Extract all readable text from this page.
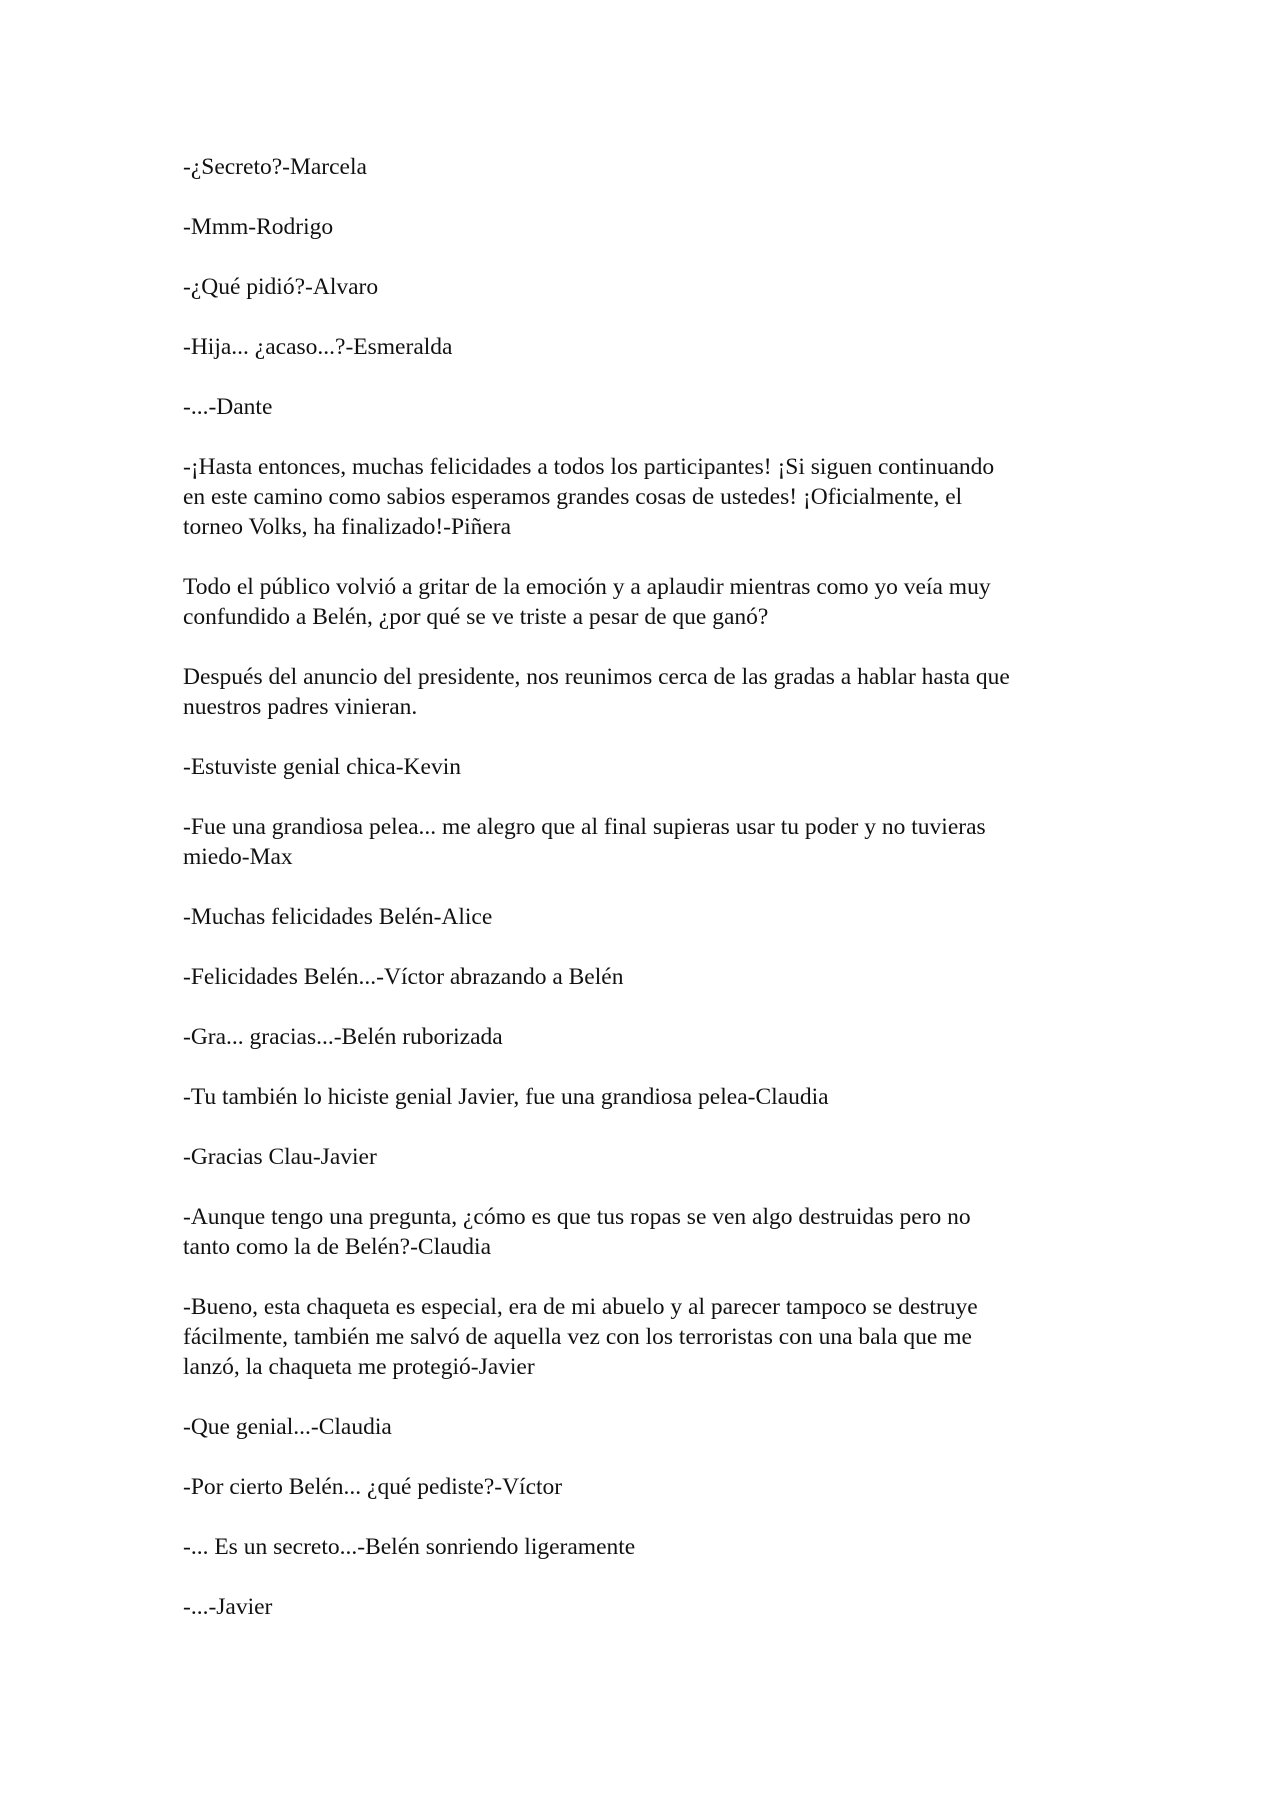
-¿Secreto?-Marcela

-Mmm-Rodrigo

-¿Qué pidió?-Alvaro

-Hija... ¿acaso...?-Esmeralda

-...-Dante

-¡Hasta entonces, muchas felicidades a todos los participantes! ¡Si siguen continuando
en este camino como sabios esperamos grandes cosas de ustedes! ¡Oficialmente, el
torneo Volks, ha finalizado!-Piñera

Todo el público volvió a gritar de la emoción y a aplaudir mientras como yo veía muy
confundido a Belén, ¿por qué se ve triste a pesar de que ganó?

Después del anuncio del presidente, nos reunimos cerca de las gradas a hablar hasta que
nuestros padres vinieran.

-Estuviste genial chica-Kevin

-Fue una grandiosa pelea... me alegro que al final supieras usar tu poder y no tuvieras
miedo-Max

-Muchas felicidades Belén-Alice

-Felicidades Belén...-Víctor abrazando a Belén

-Gra... gracias...-Belén ruborizada

-Tu también lo hiciste genial Javier, fue una grandiosa pelea-Claudia

-Gracias Clau-Javier

-Aunque tengo una pregunta, ¿cómo es que tus ropas se ven algo destruidas pero no
tanto como la de Belén?-Claudia

-Bueno, esta chaqueta es especial, era de mi abuelo y al parecer tampoco se destruye
fácilmente, también me salvó de aquella vez con los terroristas con una bala que me
lanzó, la chaqueta me protegió-Javier

-Que genial...-Claudia

-Por cierto Belén... ¿qué pediste?-Víctor

-... Es un secreto...-Belén sonriendo ligeramente

-...-Javier
